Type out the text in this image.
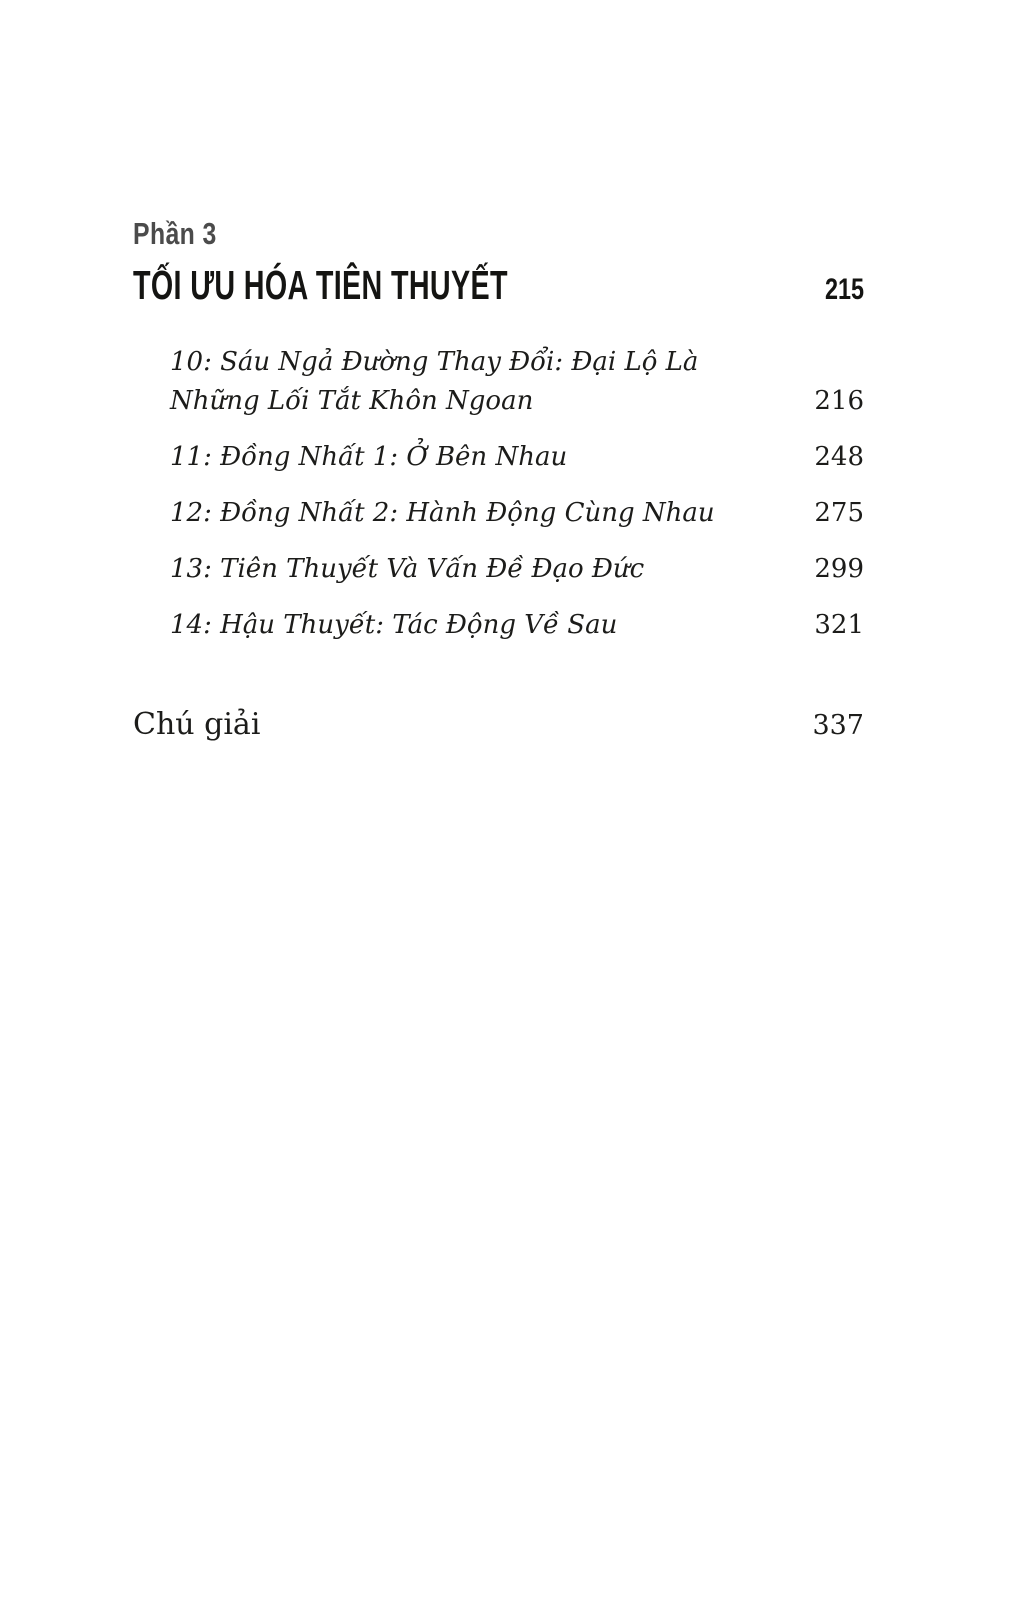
Phần 3
TỐI ƯU HÓA TIÊN THUYẾT	215
10: Sáu Ngả Đường Thay Đổi: Đại Lộ Là Những Lối Tắt Khôn Ngoan	216
11: Đồng Nhất 1: Ở Bên Nhau	248
12: Đồng Nhất 2: Hành Động Cùng Nhau	275
13: Tiên Thuyết Và Vấn Đề Đạo Đức	299
14: Hậu Thuyết: Tác Động Về Sau	321
Chú giải	337
